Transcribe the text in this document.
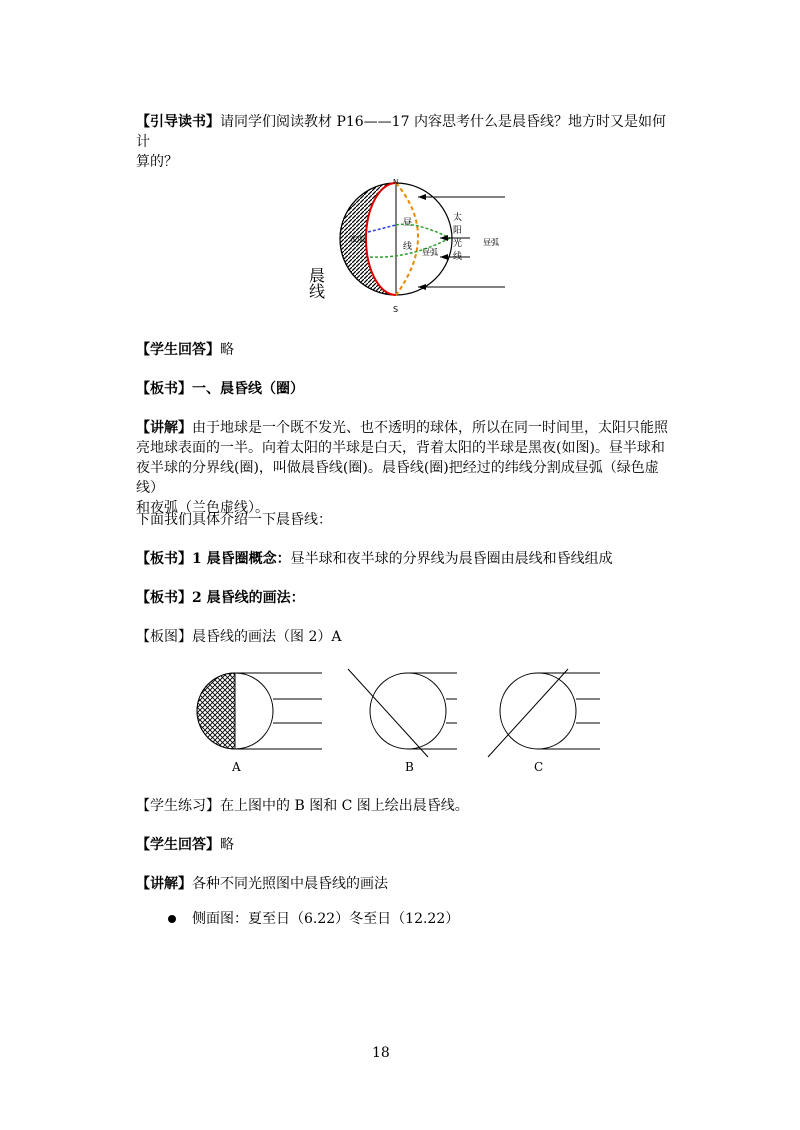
【引导读书】请同学们阅读教材 P16——17 内容思考什么是晨昏线？地方时又是如何计
算的？

N
S
夜弧
昼
线
昼弧
太
阳
光
线
昼弧
晨
线

【学生回答】略

【板书】一、晨昏线（圈）

【讲解】由于地球是一个既不发光、也不透明的球体，所以在同一时间里，太阳只能照
亮地球表面的一半。向着太阳的半球是白天，背着太阳的半球是黑夜(如图)。昼半球和
夜半球的分界线(圈)，叫做晨昏线(圈)。晨昏线(圈)把经过的纬线分割成昼弧（绿色虚线）
和夜弧（兰色虚线）。

下面我们具体介绍一下晨昏线：

【板书】1 晨昏圈概念：昼半球和夜半球的分界线为晨昏圈由晨线和昏线组成

【板书】2 晨昏线的画法：

【板图】晨昏线的画法（图 2）A

A	B	C

【学生练习】在上图中的 B 图和 C 图上绘出晨昏线。

【学生回答】略

【讲解】各种不同光照图中晨昏线的画法

侧面图：夏至日（6.22）冬至日（12.22）

18
